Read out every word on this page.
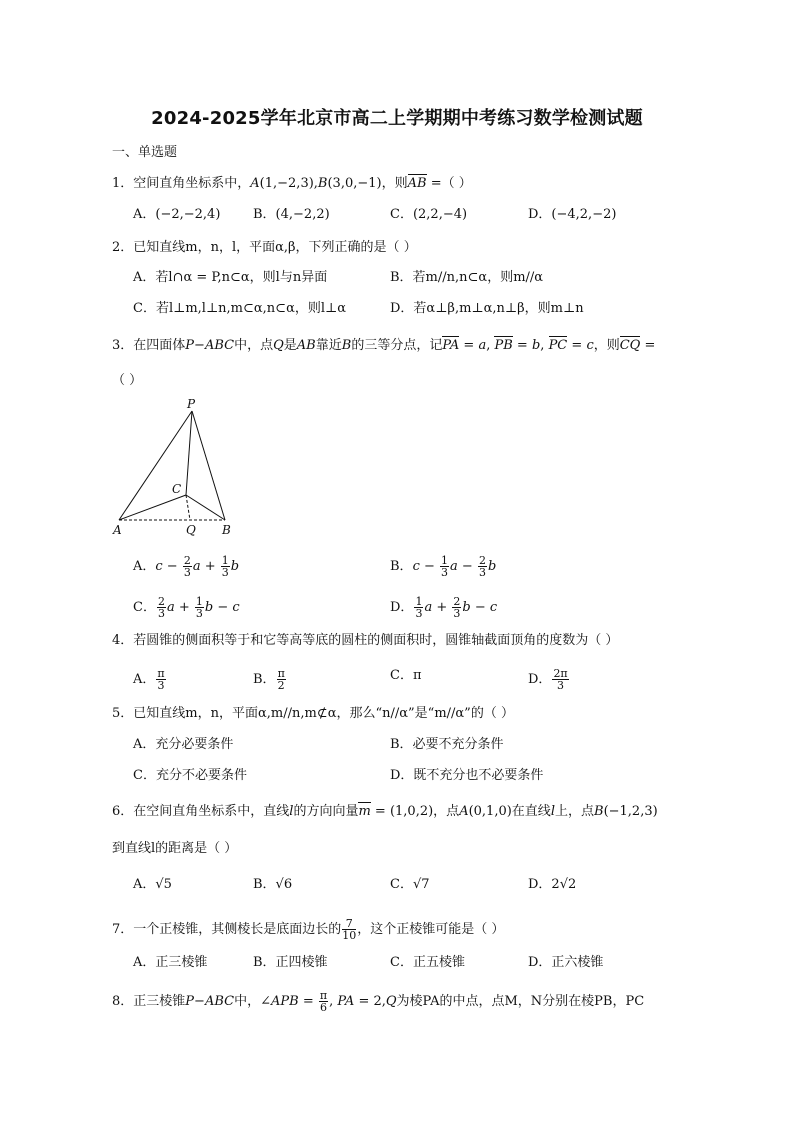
2024-2025学年北京市高二上学期期中考练习数学检测试题
一、单选题
1．空间直角坐标系中，A(1,−2,3),B(3,0,−1)，则AB =（ ）
A．(−2,−2,4)	B．(4,−2,2)	C．(2,2,−4)	D．(−4,2,−2)
2．已知直线m，n，l，平面α,β，下列正确的是（ ）
A．若l∩α = P,n⊂α，则l与n异面	B．若m//n,n⊂α，则m//α
C．若l⊥m,l⊥n,m⊂α,n⊂α，则l⊥α	D．若α⊥β,m⊥α,n⊥β，则m⊥n
3．在四面体P−ABC中，点Q是AB靠近B的三等分点，记PA = a, PB = b, PC = c，则CQ =
（ ）
P
C
A	Q B
A．$c - \frac{2}{3}$ $a + \frac{1}{3}$ b	B．$c - \frac{1}{3}$ $a - \frac{2}{3}$ b
C． $\frac{2}{3}$ $a + \frac{1}{3}$ b − c	D． $\frac{1}{3}$ $a + \frac{2}{3}$ b − c
4．若圆锥的侧面积等于和它等高等底的圆柱的侧面积时，圆锥轴截面顶角的度数为（ ）
A． $\frac{\pi}{3}$	B． $\frac{\pi}{2}$	C．π	D． $\frac{2\pi}{3}$
5．已知直线m，n，平面α,m//n,m⊄α，那么“n//α”是“m//α”的（ ）
A．充分必要条件	B．必要不充分条件
C．充分不必要条件	D．既不充分也不必要条件
6．在空间直角坐标系中，直线l的方向向量m = (1,0,2)，点A(0,1,0)在直线l上，点B(−1,2,3)
到直线l的距离是（ ）
A．√5	B．√6	C．√7	D．2√2
7．一个正棱锥，其侧棱长是底面边长的 $\frac{7}{10}$ ，这个正棱锥可能是（ ）
A．正三棱锥	B．正四棱锥	C．正五棱锥	D．正六棱锥
8．正三棱锥P−ABC中，∠APB = $\frac{\pi}{6}$ , PA = 2,Q为棱PA的中点，点M，N分别在棱PB，PC
